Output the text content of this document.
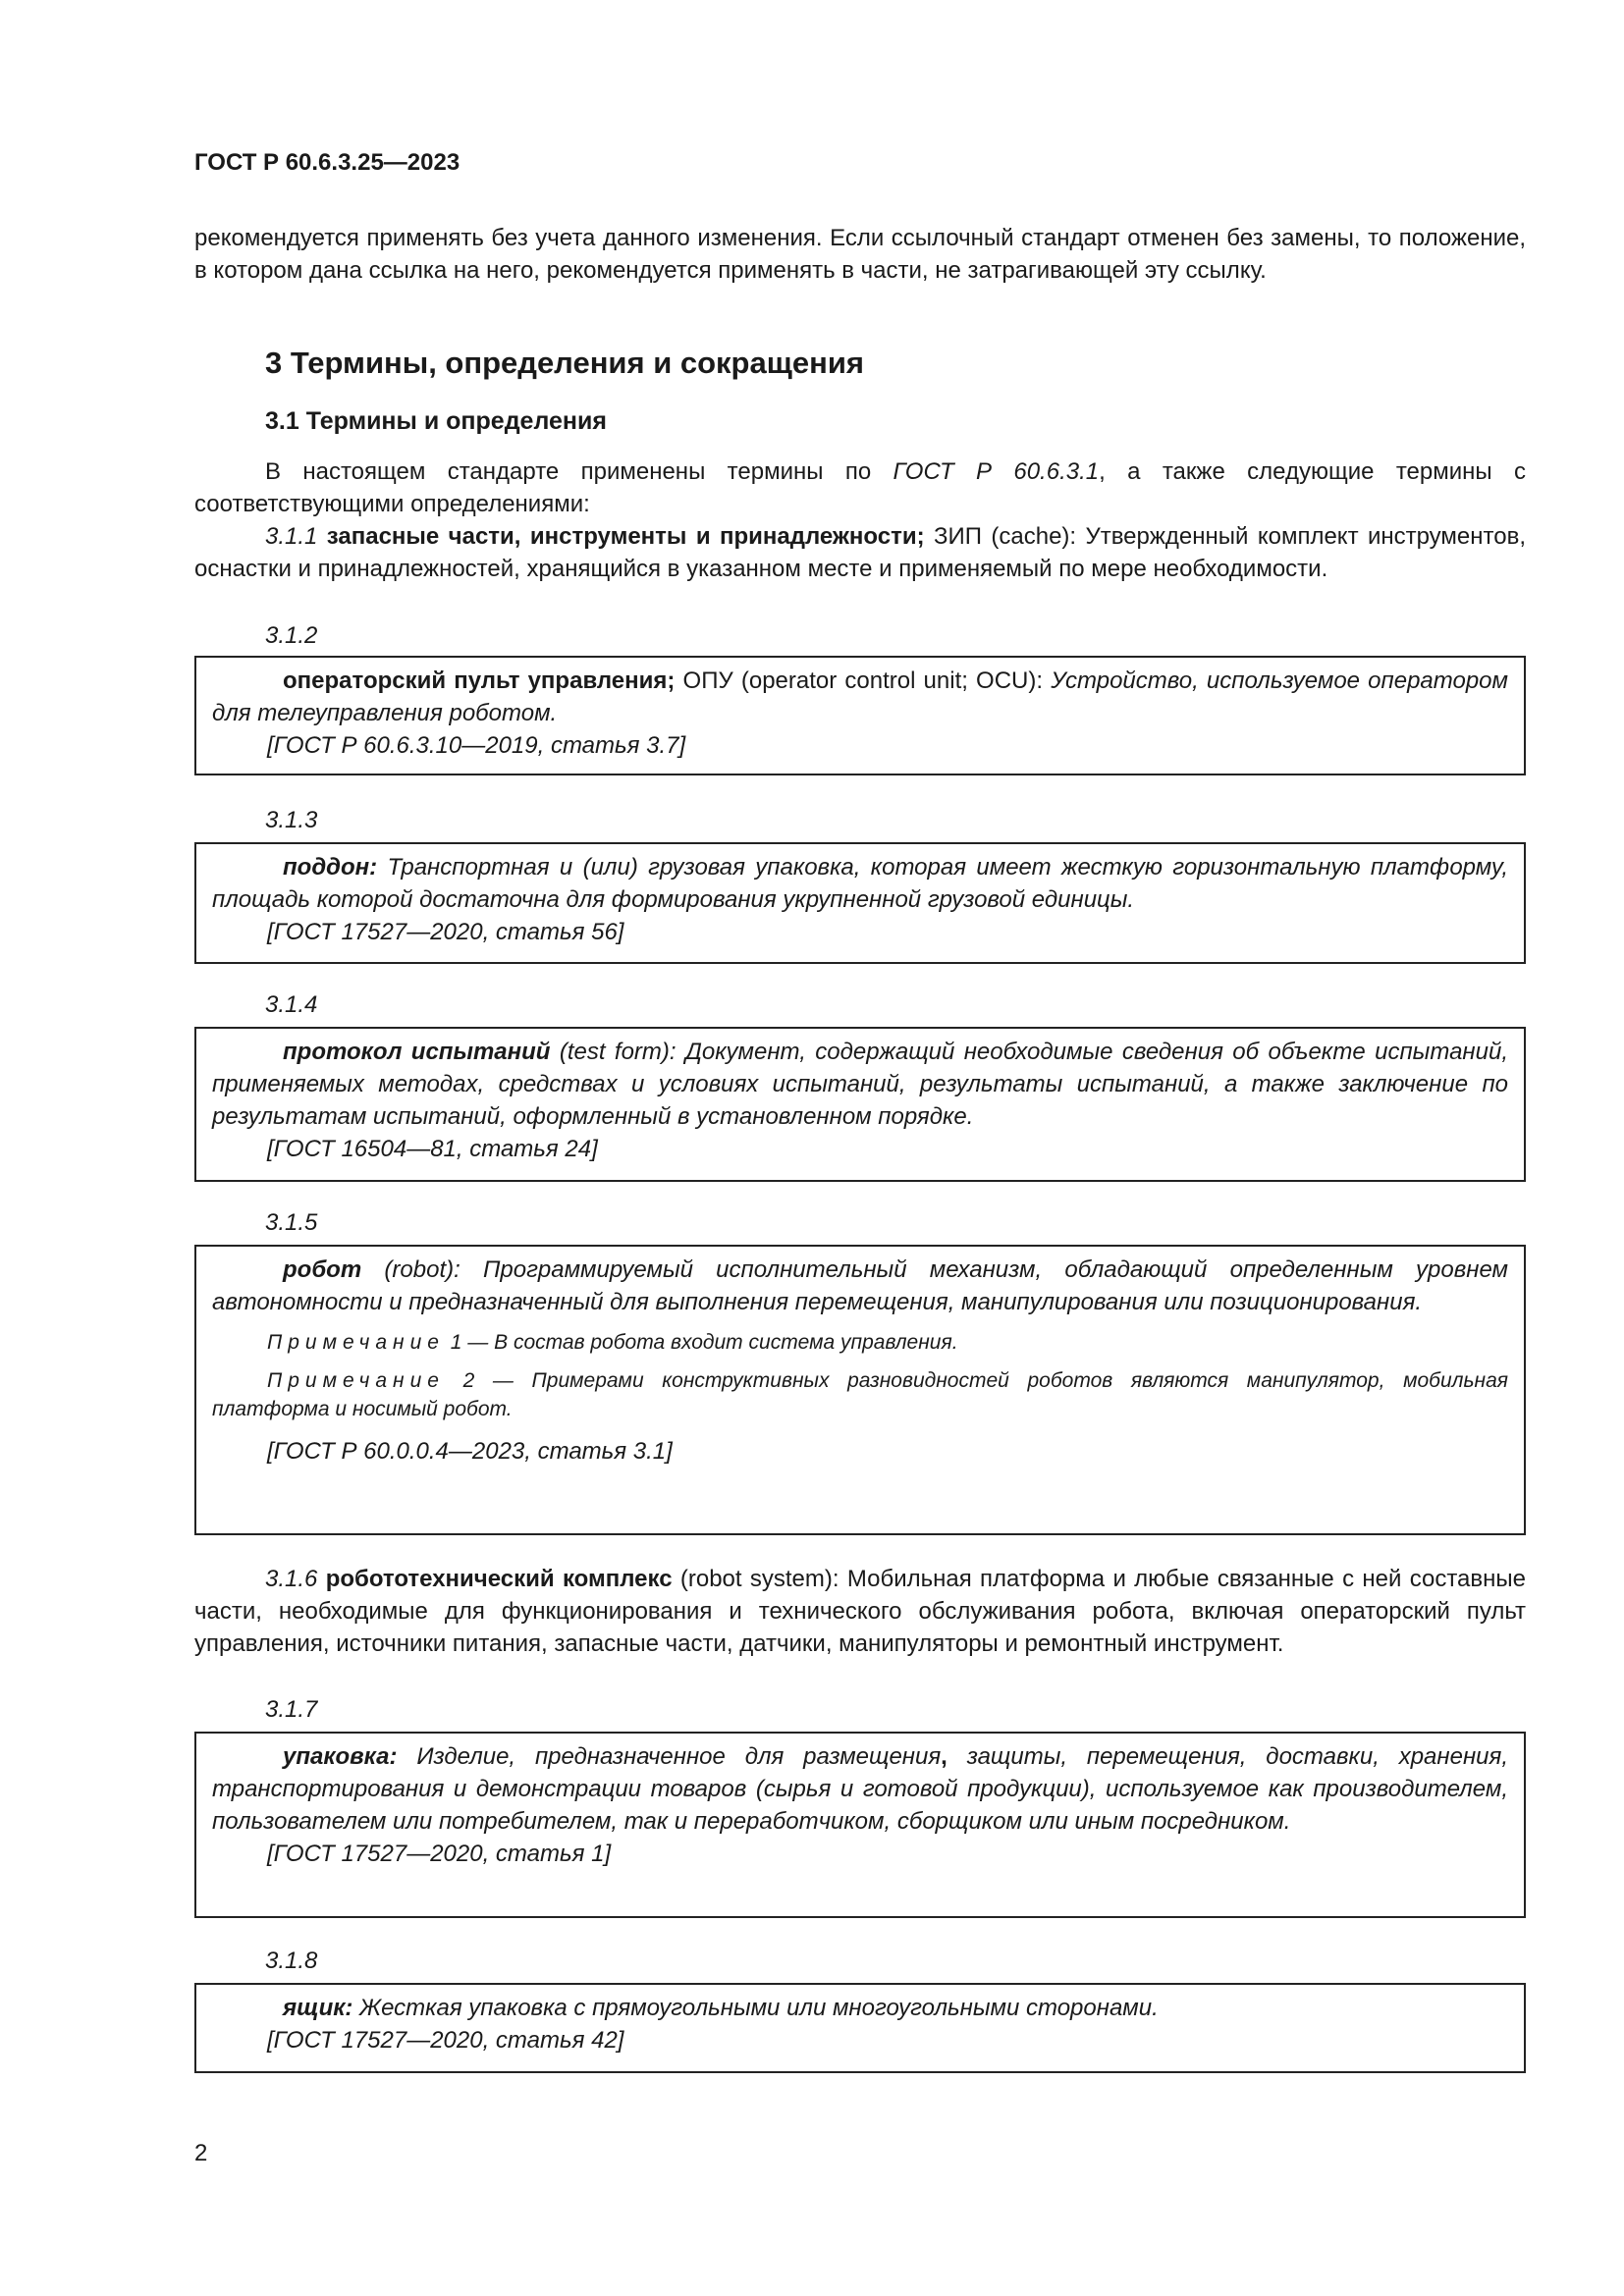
ГОСТ Р 60.6.3.25—2023

рекомендуется применять без учета данного изменения. Если ссылочный стандарт отменен без замены, то положение, в котором дана ссылка на него, рекомендуется применять в части, не затрагивающей эту ссылку.

3 Термины, определения и сокращения
3.1 Термины и определения

В настоящем стандарте применены термины по ГОСТ Р 60.6.3.1, а также следующие термины с соответствующими определениями:

3.1.1 запасные части, инструменты и принадлежности; ЗИП (cache): Утвержденный комплект инструментов, оснастки и принадлежностей, хранящийся в указанном месте и применяемый по мере необходимости.

3.1.2

операторский пульт управления; ОПУ (operator control unit; OCU): Устройство, используемое оператором для телеуправления роботом.

[ГОСТ Р 60.6.3.10—2019, статья 3.7]
3.1.3

поддон: Транспортная и (или) грузовая упаковка, которая имеет жесткую горизонтальную платформу, площадь которой достаточна для формирования укрупненной грузовой единицы.

[ГОСТ 17527—2020, статья 56]
3.1.4

протокол испытаний (test form): Документ, содержащий необходимые сведения об объекте испытаний, применяемых методах, средствах и условиях испытаний, результаты испытаний, а также заключение по результатам испытаний, оформленный в установленном порядке.

[ГОСТ 16504—81, статья 24]
3.1.5

робот (robot): Программируемый исполнительный механизм, обладающий определенным уровнем автономности и предназначенный для выполнения перемещения, манипулирования или позиционирования.

Примечание 1 — В состав робота входит система управления.

Примечание 2 — Примерами конструктивных разновидностей роботов являются манипулятор, мобильная платформа и носимый робот.

[ГОСТ Р 60.0.0.4—2023, статья 3.1]

3.1.6 робототехнический комплекс (robot system): Мобильная платформа и любые связанные с ней составные части, необходимые для функционирования и технического обслуживания робота, включая операторский пульт управления, источники питания, запасные части, датчики, манипуляторы и ремонтный инструмент.

3.1.7

упаковка: Изделие, предназначенное для размещения, защиты, перемещения, доставки, хранения, транспортирования и демонстрации товаров (сырья и готовой продукции), используемое как производителем, пользователем или потребителем, так и переработчиком, сборщиком или иным посредником.

[ГОСТ 17527—2020, статья 1]
3.1.8

ящик: Жесткая упаковка с прямоугольными или многоугольными сторонами.

[ГОСТ 17527—2020, статья 42]
2
